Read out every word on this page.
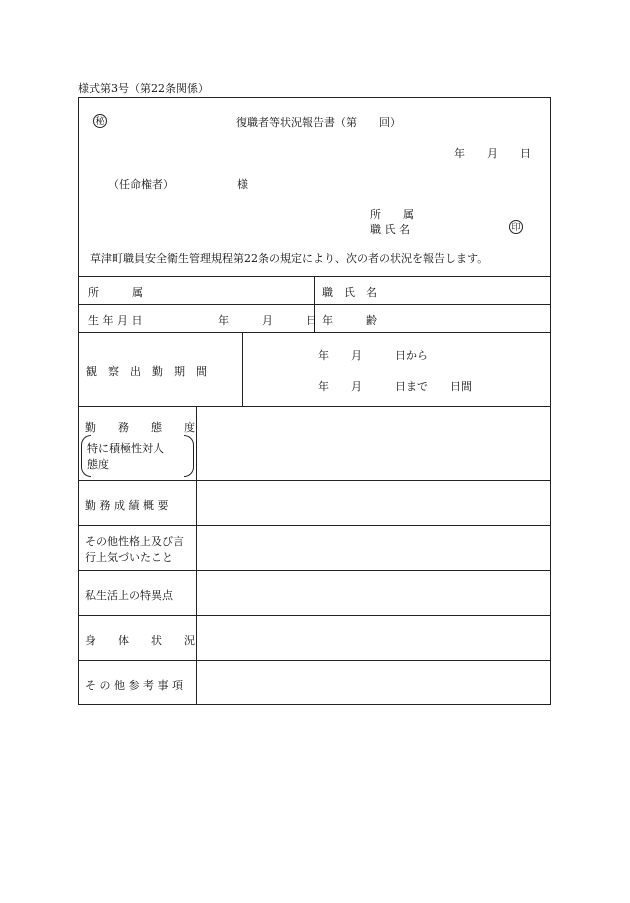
様式第3号（第22条関係）
秘	復職者等状況報告書（第　　回）
年　　月　　日
（任命権者）	様
所　　属
職 氏 名	印
草津町職員安全衛生管理規程第22条の規定により、次の者の状況を報告します。
所　　　属	職　氏　名
生 年 月 日	年　　　月　　　日 年　　　齢
観　察　出　勤　期　間
年　　月　　　日から
年　　月　　　日まで　　日間
勤　　務　　態　　度
特に積極性対人
態度
勤 務 成 績 概 要
その他性格上及び言
行上気づいたこと
私生活上の特異点
身　　体　　状　　況
そ の 他 参 考 事 項
